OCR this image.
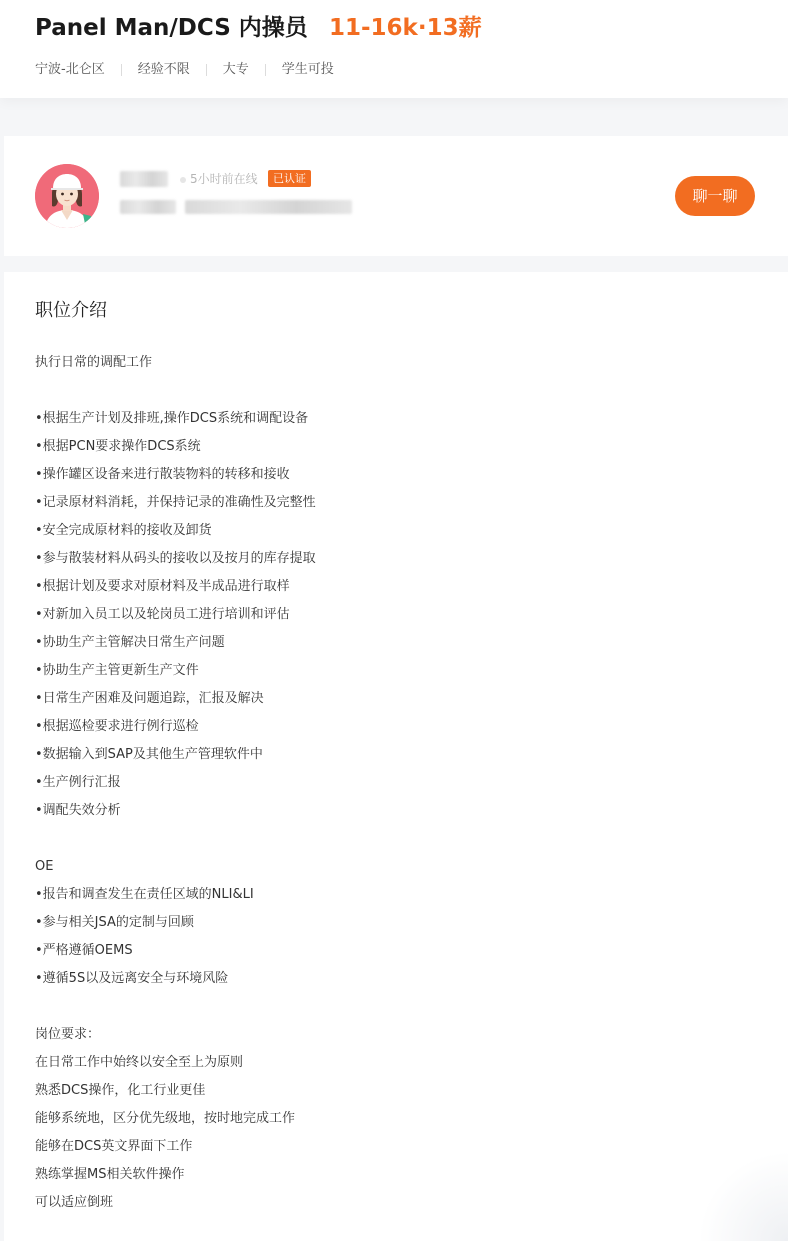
Panel Man/DCS 内操员 11-16k·13薪
宁波-北仑区	经验不限	大专	学生可投
5小时前在线	已认证
聊一聊
职位介绍
执行日常的调配工作
•根据生产计划及排班,操作DCS系统和调配设备
•根据PCN要求操作DCS系统
•操作罐区设备来进行散装物料的转移和接收
•记录原材料消耗，并保持记录的准确性及完整性
•安全完成原材料的接收及卸货
•参与散装材料从码头的接收以及按月的库存提取
•根据计划及要求对原材料及半成品进行取样
•对新加入员工以及轮岗员工进行培训和评估
•协助生产主管解决日常生产问题
•协助生产主管更新生产文件
•日常生产困难及问题追踪，汇报及解决
•根据巡检要求进行例行巡检
•数据输入到SAP及其他生产管理软件中
•生产例行汇报
•调配失效分析
OE
•报告和调查发生在责任区域的NLI&LI
•参与相关JSA的定制与回顾
•严格遵循OEMS
•遵循5S以及远离安全与环境风险
岗位要求：
在日常工作中始终以安全至上为原则
熟悉DCS操作，化工行业更佳
能够系统地，区分优先级地，按时地完成工作
能够在DCS英文界面下工作
熟练掌握MS相关软件操作
可以适应倒班
